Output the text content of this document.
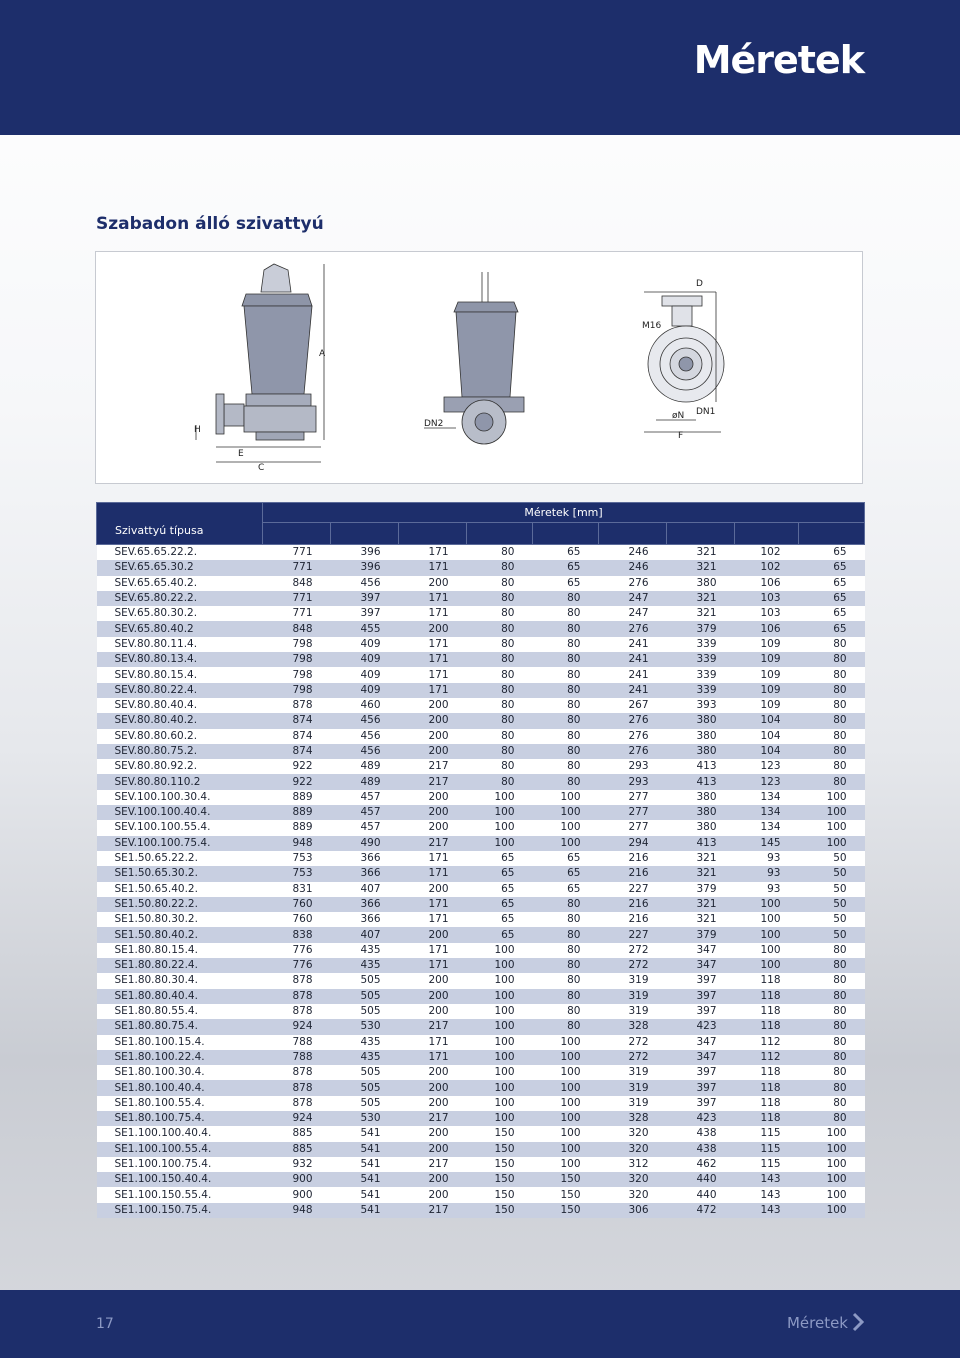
Méretek
Szabadon álló szivattyú
A
H
E
C
DN2
D
M16
DN1
øN
F
Szivattyú típusa	Méretek [mm]								

SEV.65.65.22.2.	771	396	171	80	65	246	321	102	65
SEV.65.65.30.2	771	396	171	80	65	246	321	102	65
SEV.65.65.40.2.	848	456	200	80	65	276	380	106	65
SEV.65.80.22.2.	771	397	171	80	80	247	321	103	65
SEV.65.80.30.2.	771	397	171	80	80	247	321	103	65
SEV.65.80.40.2	848	455	200	80	80	276	379	106	65
SEV.80.80.11.4.	798	409	171	80	80	241	339	109	80
SEV.80.80.13.4.	798	409	171	80	80	241	339	109	80
SEV.80.80.15.4.	798	409	171	80	80	241	339	109	80
SEV.80.80.22.4.	798	409	171	80	80	241	339	109	80
SEV.80.80.40.4.	878	460	200	80	80	267	393	109	80
SEV.80.80.40.2.	874	456	200	80	80	276	380	104	80
SEV.80.80.60.2.	874	456	200	80	80	276	380	104	80
SEV.80.80.75.2.	874	456	200	80	80	276	380	104	80
SEV.80.80.92.2.	922	489	217	80	80	293	413	123	80
SEV.80.80.110.2	922	489	217	80	80	293	413	123	80
SEV.100.100.30.4.	889	457	200	100	100	277	380	134	100
SEV.100.100.40.4.	889	457	200	100	100	277	380	134	100
SEV.100.100.55.4.	889	457	200	100	100	277	380	134	100
SEV.100.100.75.4.	948	490	217	100	100	294	413	145	100
SE1.50.65.22.2.	753	366	171	65	65	216	321	93	50
SE1.50.65.30.2.	753	366	171	65	65	216	321	93	50
SE1.50.65.40.2.	831	407	200	65	65	227	379	93	50
SE1.50.80.22.2.	760	366	171	65	80	216	321	100	50
SE1.50.80.30.2.	760	366	171	65	80	216	321	100	50
SE1.50.80.40.2.	838	407	200	65	80	227	379	100	50
SE1.80.80.15.4.	776	435	171	100	80	272	347	100	80
SE1.80.80.22.4.	776	435	171	100	80	272	347	100	80
SE1.80.80.30.4.	878	505	200	100	80	319	397	118	80
SE1.80.80.40.4.	878	505	200	100	80	319	397	118	80
SE1.80.80.55.4.	878	505	200	100	80	319	397	118	80
SE1.80.80.75.4.	924	530	217	100	80	328	423	118	80
SE1.80.100.15.4.	788	435	171	100	100	272	347	112	80
SE1.80.100.22.4.	788	435	171	100	100	272	347	112	80
SE1.80.100.30.4.	878	505	200	100	100	319	397	118	80
SE1.80.100.40.4.	878	505	200	100	100	319	397	118	80
SE1.80.100.55.4.	878	505	200	100	100	319	397	118	80
SE1.80.100.75.4.	924	530	217	100	100	328	423	118	80
SE1.100.100.40.4.	885	541	200	150	100	320	438	115	100
SE1.100.100.55.4.	885	541	200	150	100	320	438	115	100
SE1.100.100.75.4.	932	541	217	150	100	312	462	115	100
SE1.100.150.40.4.	900	541	200	150	150	320	440	143	100
SE1.100.150.55.4.	900	541	200	150	150	320	440	143	100
SE1.100.150.75.4.	948	541	217	150	150	306	472	143	100
17	Méretek
